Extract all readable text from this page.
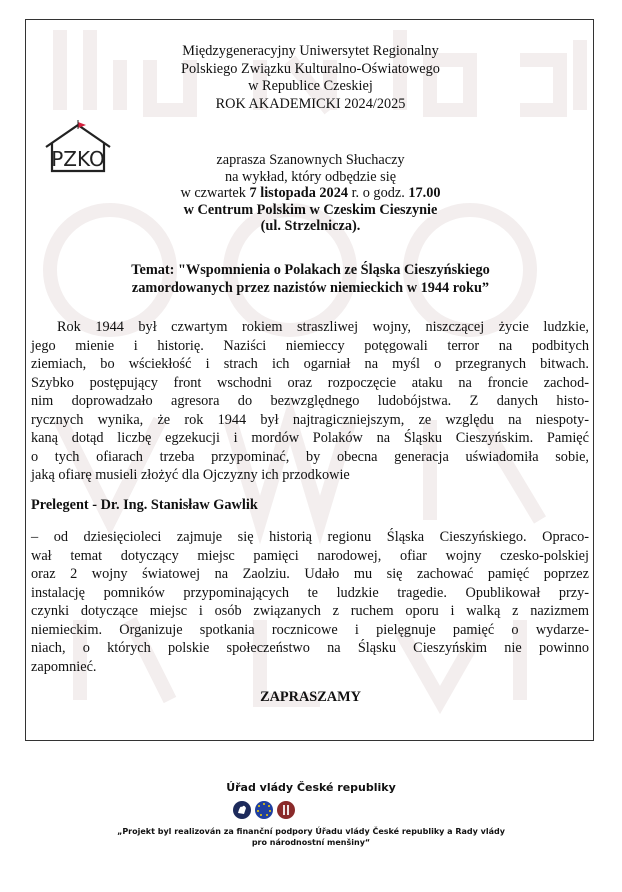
PZKO
Międzygeneracyjny Uniwersytet Regionalny
Polskiego Związku Kulturalno-Oświatowego
w Republice Czeskiej
ROK AKADEMICKI 2024/2025
zaprasza Szanownych Słuchaczy
na wykład, który odbędzie się
w czwartek 7 listopada 2024 r. o godz. 17.00
w Centrum Polskim w Czeskim Cieszynie
(ul. Strzelnicza).
Temat: "Wspomnienia o Polakach ze Śląska Cieszyńskiego
zamordowanych przez nazistów niemieckich w 1944 roku”
Rok 1944 był czwartym rokiem straszliwej wojny, niszczącej życie ludzkie,
jego mienie i historię. Naziści niemieccy potęgowali terror na podbitych
ziemiach, bo wściekłość i strach ich ogarniał na myśl o przegranych bitwach.
Szybko postępujący front wschodni oraz rozpoczęcie ataku na froncie zachod-
nim doprowadzało agresora do bezwzględnego ludobójstwa. Z danych histo-
rycznych wynika, że rok 1944 był najtragiczniejszym, ze względu na niespoty-
kaną dotąd liczbę egzekucji i mordów Polaków na Śląsku Cieszyńskim. Pamięć
o tych ofiarach trzeba przypominać, by obecna generacja uświadomiła sobie,
jaką ofiarę musieli złożyć dla Ojczyzny ich przodkowie
Prelegent - Dr. Ing. Stanisław Gawlik
– od dziesięcioleci zajmuje się historią regionu Śląska Cieszyńskiego. Opraco-
wał temat dotyczący miejsc pamięci narodowej, ofiar wojny czesko-polskiej
oraz 2 wojny światowej na Zaolziu. Udało mu się zachować pamięć poprzez
instalację pomników przypominających te ludzkie tragedie. Opublikował przy-
czynki dotyczące miejsc i osób związanych z ruchem oporu i walką z nazizmem
niemieckim. Organizuje spotkania rocznicowe i pielęgnuje pamięć o wydarze-
niach, o których polskie społeczeństwo na Śląsku Cieszyńskim nie powinno
zapomnieć.
ZAPRASZAMY
Úřad vlády České republiky
„Projekt byl realizován za finanční podpory Úřadu vlády České republiky a Rady vlády
pro národnostní menšiny“
